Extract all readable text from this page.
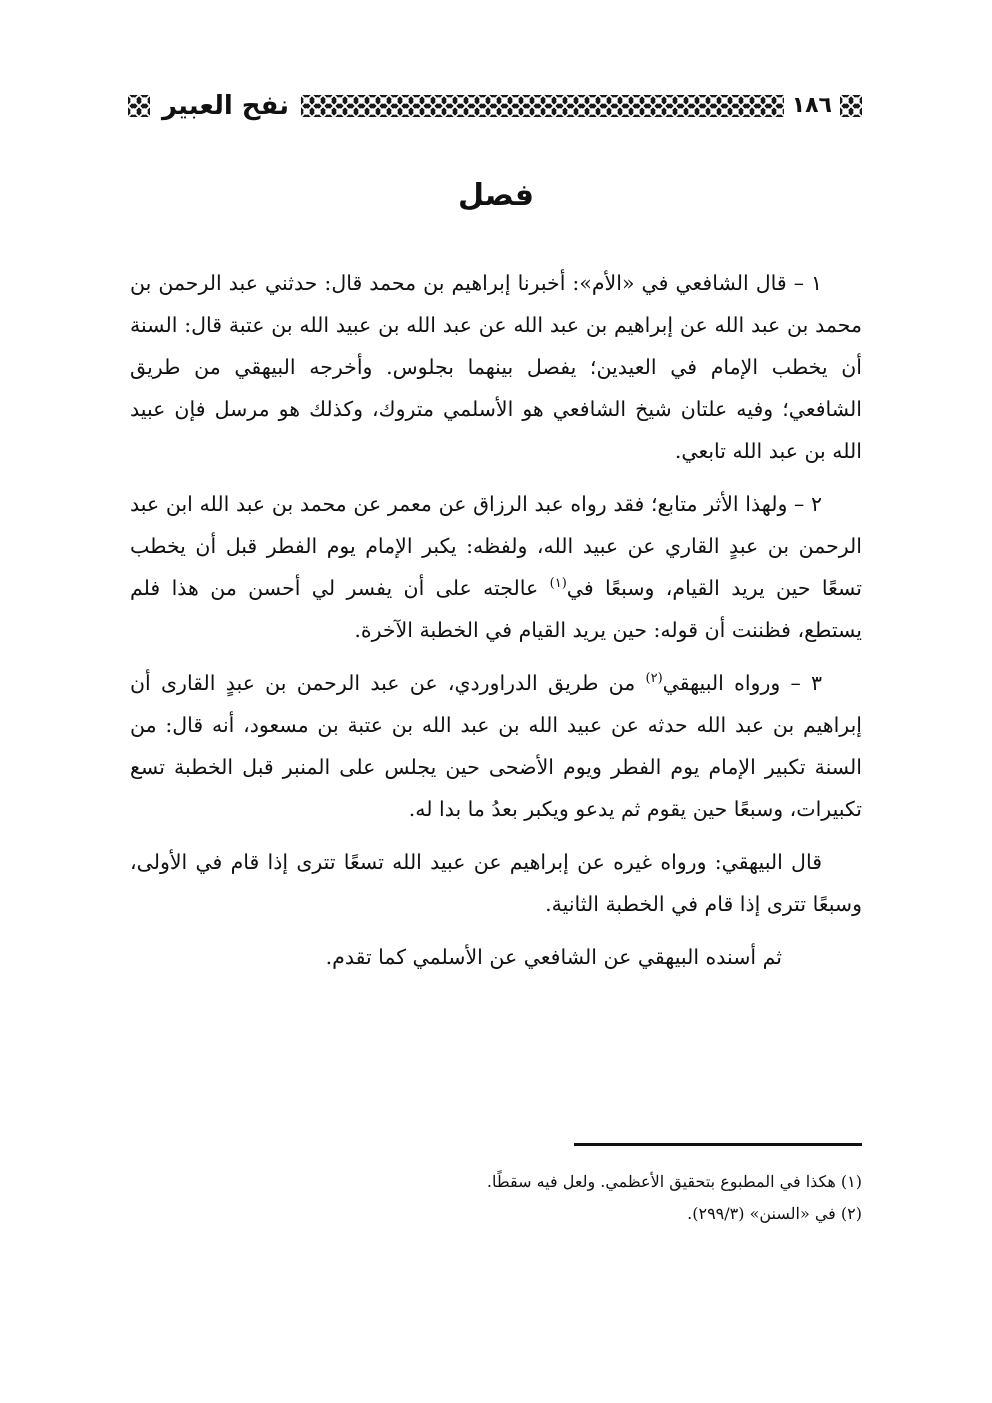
١٨٦
نفح العبير
فصل

١ – قال الشافعي في «الأم»: أخبرنا إبراهيم بن محمد قال: حدثني عبد الرحمن بن محمد بن عبد الله عن إبراهيم بن عبد الله عن عبد الله بن عبيد الله بن عتبة قال: السنة أن يخطب الإمام في العيدين؛ يفصل بينهما بجلوس. وأخرجه البيهقي من طريق الشافعي؛ وفيه علتان شيخ الشافعي هو الأسلمي متروك، وكذلك هو مرسل فإن عبيد الله بن عبد الله تابعي.

٢ – ولهذا الأثر متابع؛ فقد رواه عبد الرزاق عن معمر عن محمد بن عبد الله ابن عبد الرحمن بن عبدٍ القاري عن عبيد الله، ولفظه: يكبر الإمام يوم الفطر قبل أن يخطب تسعًا حين يريد القيام، وسبعًا في$^{(١)}$ عالجته على أن يفسر لي أحسن من هذا فلم يستطع، فظننت أن قوله: حين يريد القيام في الخطبة الآخرة.

٣ – ورواه البيهقي$^{(٢)}$ من طريق الدراوردي، عن عبد الرحمن بن عبدٍ القارى أن إبراهيم بن عبد الله حدثه عن عبيد الله بن عبد الله بن عتبة بن مسعود، أنه قال: من السنة تكبير الإمام يوم الفطر ويوم الأضحى حين يجلس على المنبر قبل الخطبة تسع تكبيرات، وسبعًا حين يقوم ثم يدعو ويكبر بعدُ ما بدا له.

قال البيهقي: ورواه غيره عن إبراهيم عن عبيد الله تسعًا تترى إذا قام في الأولى، وسبعًا تترى إذا قام في الخطبة الثانية.

ثم أسنده البيهقي عن الشافعي عن الأسلمي كما تقدم.

(١) هكذا في المطبوع بتحقيق الأعظمي. ولعل فيه سقطًا.
(٢) في «السنن» (٢٩٩/٣).
